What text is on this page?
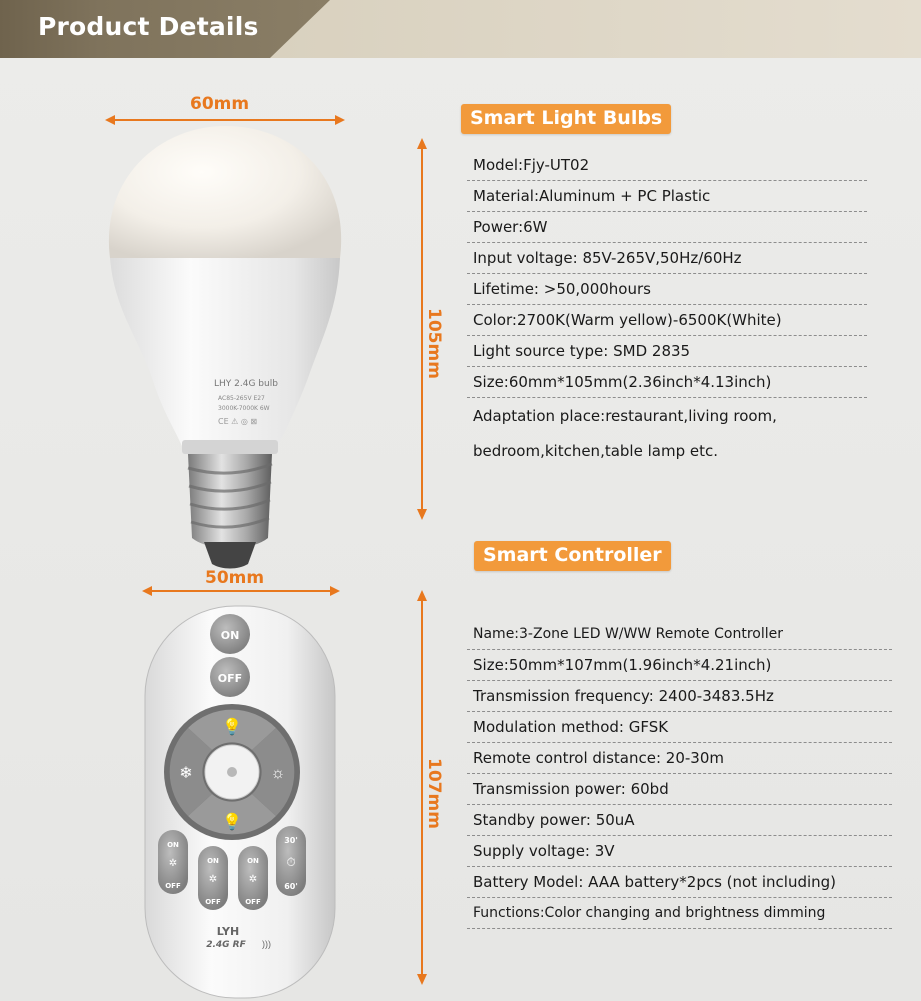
Product Details
60mm
105mm
LHY 2.4G bulb
AC85-265V E27
3000K-7000K 6W
CE ⚠ ◎ ⊠
50mm
107mm
ON
OFF
💡
💡
❄	☼
ON
✲
OFF
ON
✲
OFF
ON
✲
OFF
30'
⏱
60'
LYH
2.4G RF )))
Smart Light Bulbs
Model:Fjy-UT02
Material:Aluminum + PC Plastic
Power:6W
Input voltage: 85V-265V,50Hz/60Hz
Lifetime: >50,000hours
Color:2700K(Warm yellow)-6500K(White)
Light source type: SMD 2835
Size:60mm*105mm(2.36inch*4.13inch)
Adaptation place:restaurant,living room,
bedroom,kitchen,table lamp etc.
Smart Controller
Name:3-Zone LED W/WW Remote Controller
Size:50mm*107mm(1.96inch*4.21inch)
Transmission frequency: 2400-3483.5Hz
Modulation method: GFSK
Remote control distance: 20-30m
Transmission power: 60bd
Standby power: 50uA
Supply voltage: 3V
Battery Model: AAA battery*2pcs (not including)
Functions:Color changing and brightness dimming
